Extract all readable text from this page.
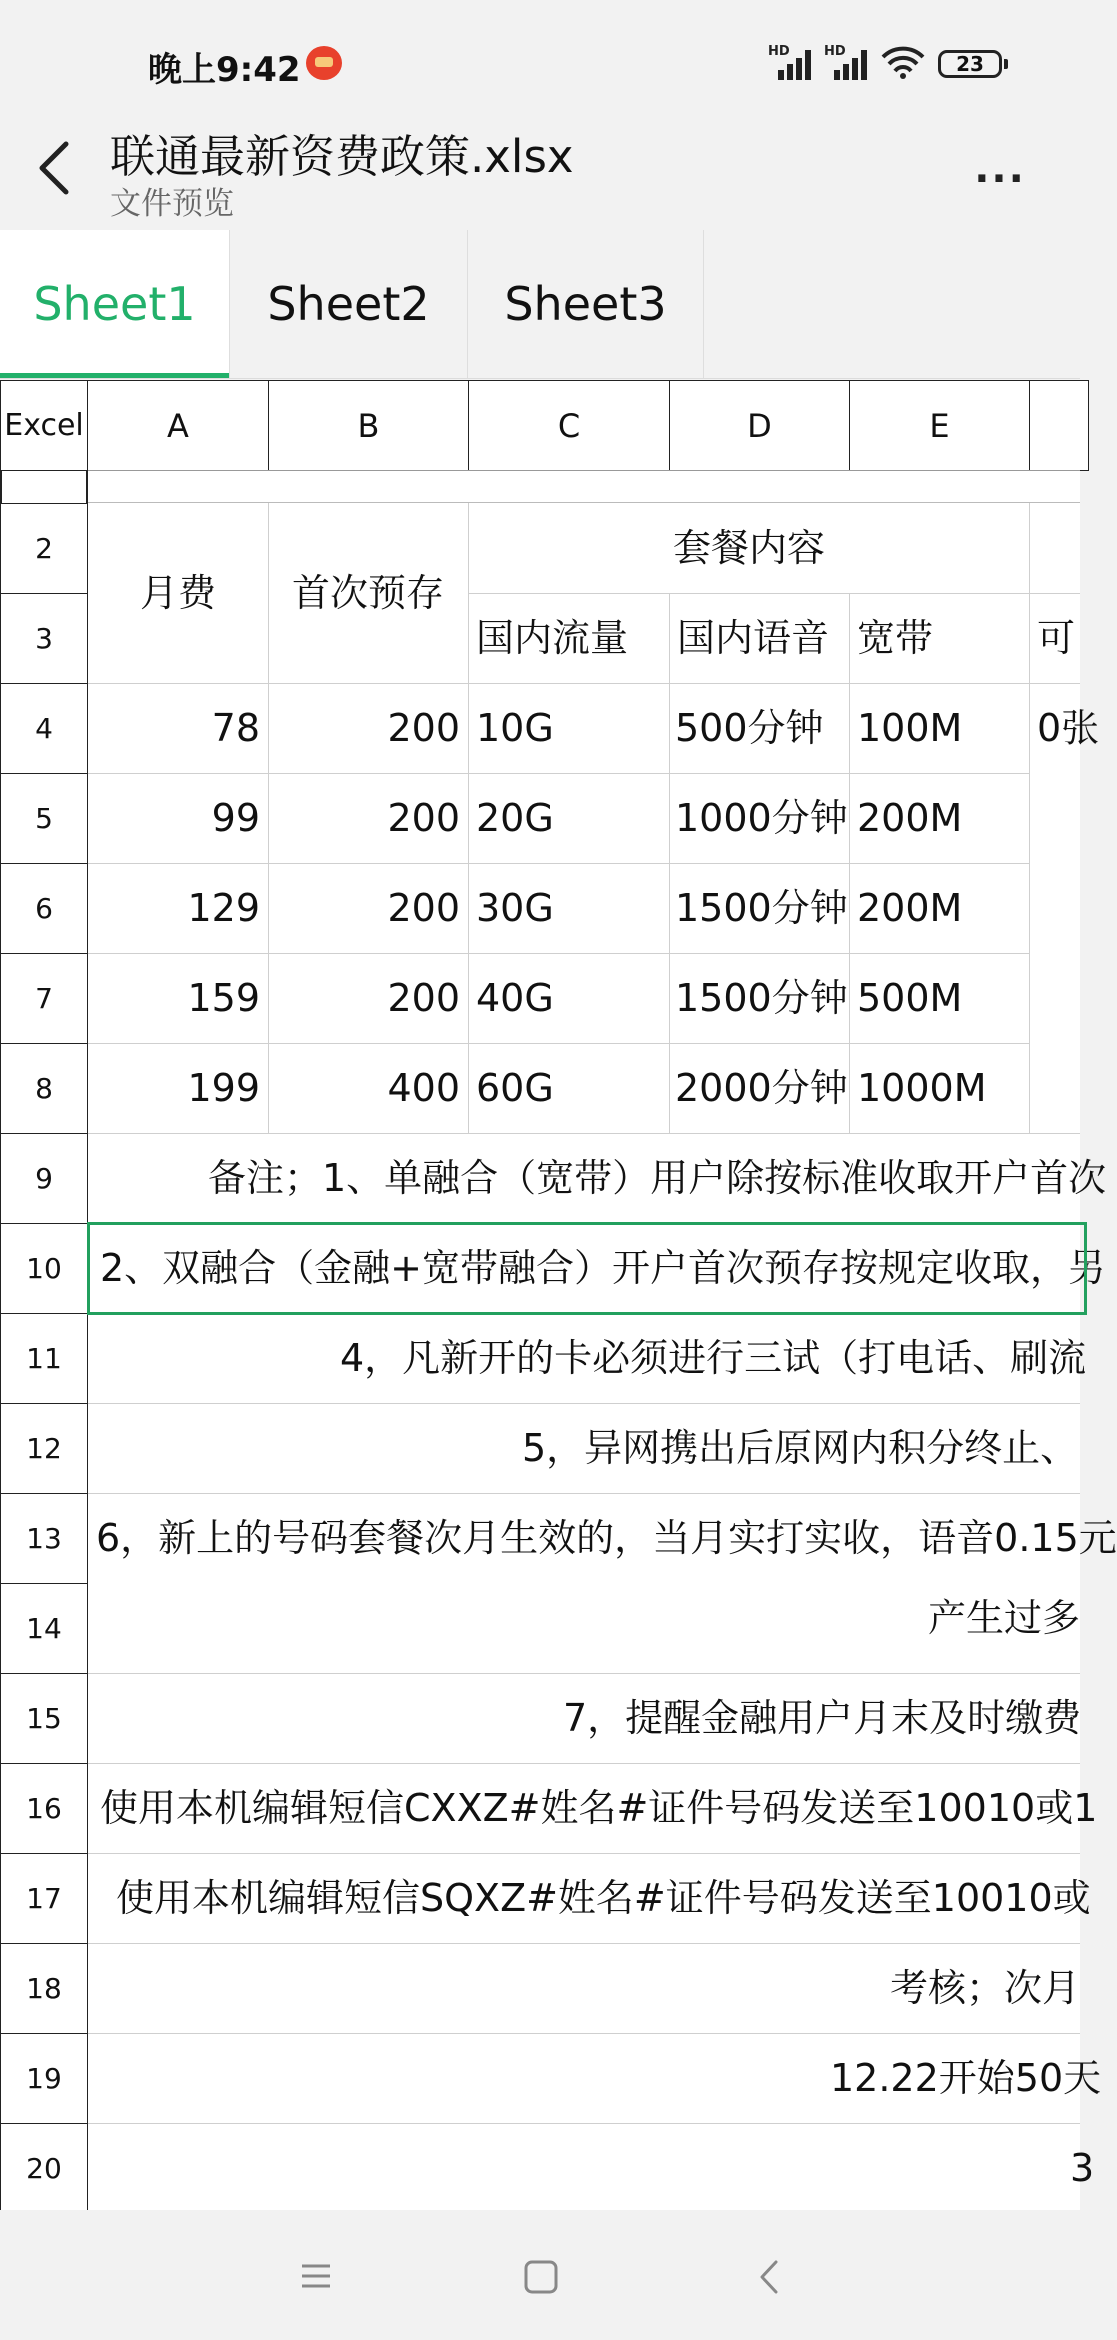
晚上9:42	HD	HD
23
联通最新资费政策.xlsx
文件预览
...
Sheet1	Sheet2	Sheet3
Excel	A	B	C	D	E
2
3
4
5
6
7
8
9
10
11
12
13
14
15
16
17
18
19
20
月费	首次预存
套餐内容
国内流量 国内语音 宽带	可
78	200 10G	500分钟 100M	0张
99	200 20G	1000分钟 200M
129	200 30G	1500分钟 200M
159	200 40G	1500分钟 500M
199	400 60G	2000分钟 1000M
备注；1、单融合（宽带）用户除按标准收取开户首次
2、双融合（金融+宽带融合）开户首次预存按规定收取，另
4，凡新开的卡必须进行三试（打电话、刷流
5，异网携出后原网内积分终止、
6，新上的号码套餐次月生效的，当月实打实收，语音0.15元
产生过多
7，提醒金融用户月末及时缴费
使用本机编辑短信CXXZ#姓名#证件号码发送至10010或1
使用本机编辑短信SQXZ#姓名#证件号码发送至10010或
考核；次月
12.22开始50天
3
